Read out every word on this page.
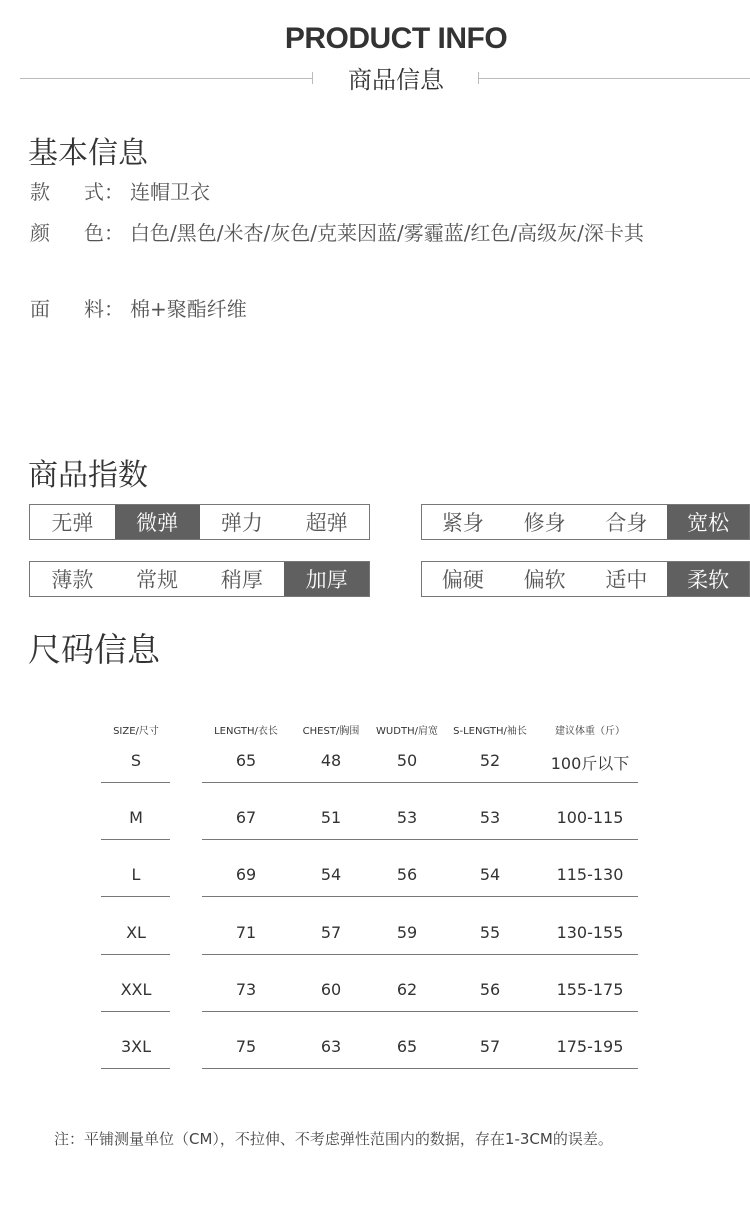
PRODUCT INFO
商品信息
基本信息
款 式： 连帽卫衣
颜 色： 白色/黑色/米杏/灰色/克莱因蓝/雾霾蓝/红色/高级灰/深卡其
面 料： 棉+聚酯纤维
商品指数
无弹	微弹	弹力	超弹	紧身	修身	合身	宽松
薄款	常规	稍厚	加厚	偏硬	偏软	适中	柔软
尺码信息
SIZE/尺寸	LENGTH/衣长	CHEST/胸围	WUDTH/肩宽	S-LENGTH/袖长	建议体重（斤）
S	65	48	50	52	100斤以下
M	67	51	53	53	100-115
L	69	54	56	54	115-130
XL	71	57	59	55	130-155
XXL	73	60	62	56	155-175
3XL	75	63	65	57	175-195
注：平铺测量单位（CM），不拉伸、不考虑弹性范围内的数据，存在1-3CM的误差。
